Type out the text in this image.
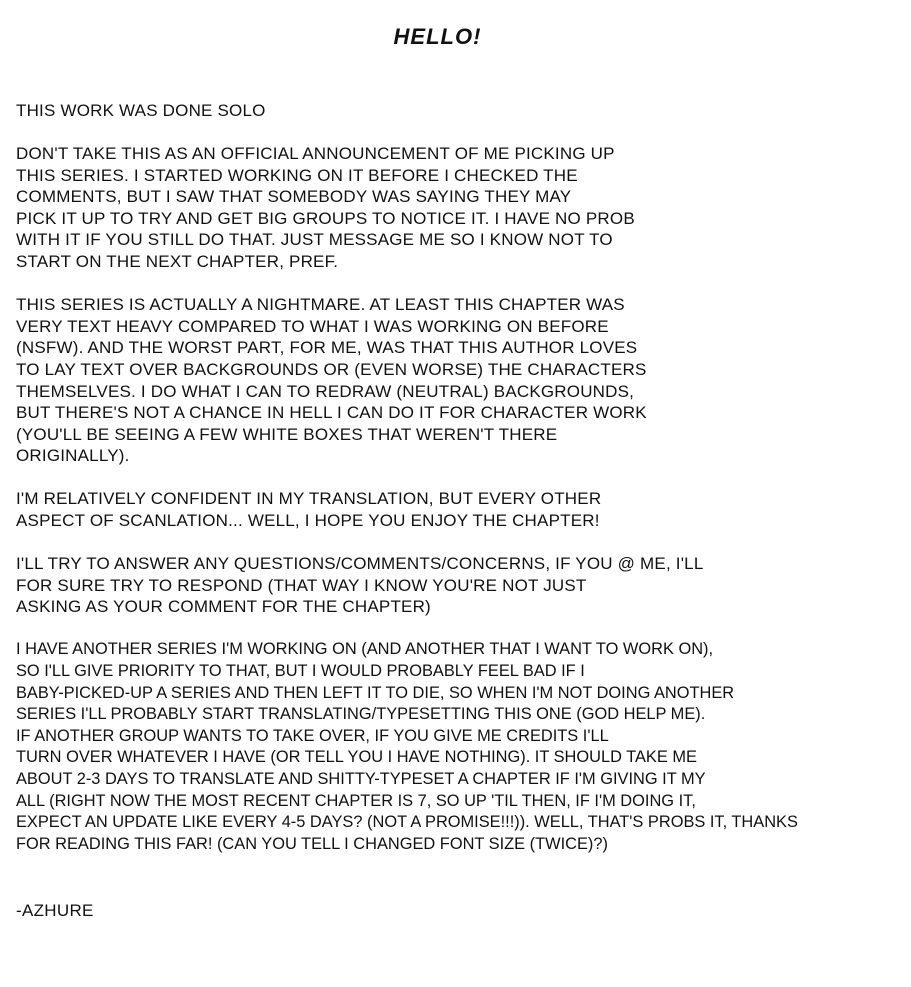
HELLO!

THIS WORK WAS DONE SOLO

DON'T TAKE THIS AS AN OFFICIAL ANNOUNCEMENT OF ME PICKING UP
THIS SERIES. I STARTED WORKING ON IT BEFORE I CHECKED THE
COMMENTS, BUT I SAW THAT SOMEBODY WAS SAYING THEY MAY
PICK IT UP TO TRY AND GET BIG GROUPS TO NOTICE IT. I HAVE NO PROB
WITH IT IF YOU STILL DO THAT. JUST MESSAGE ME SO I KNOW NOT TO
START ON THE NEXT CHAPTER, PREF.

THIS SERIES IS ACTUALLY A NIGHTMARE. AT LEAST THIS CHAPTER WAS
VERY TEXT HEAVY COMPARED TO WHAT I WAS WORKING ON BEFORE
(NSFW). AND THE WORST PART, FOR ME, WAS THAT THIS AUTHOR LOVES
TO LAY TEXT OVER BACKGROUNDS OR (EVEN WORSE) THE CHARACTERS
THEMSELVES. I DO WHAT I CAN TO REDRAW (NEUTRAL) BACKGROUNDS,
BUT THERE'S NOT A CHANCE IN HELL I CAN DO IT FOR CHARACTER WORK
(YOU'LL BE SEEING A FEW WHITE BOXES THAT WEREN'T THERE
ORIGINALLY).

I'M RELATIVELY CONFIDENT IN MY TRANSLATION, BUT EVERY OTHER
ASPECT OF SCANLATION... WELL, I HOPE YOU ENJOY THE CHAPTER!

I'LL TRY TO ANSWER ANY QUESTIONS/COMMENTS/CONCERNS, IF YOU @ ME, I'LL
FOR SURE TRY TO RESPOND (THAT WAY I KNOW YOU'RE NOT JUST
ASKING AS YOUR COMMENT FOR THE CHAPTER)

I HAVE ANOTHER SERIES I'M WORKING ON (AND ANOTHER THAT I WANT TO WORK ON),
SO I'LL GIVE PRIORITY TO THAT, BUT I WOULD PROBABLY FEEL BAD IF I
BABY-PICKED-UP A SERIES AND THEN LEFT IT TO DIE, SO WHEN I'M NOT DOING ANOTHER
SERIES I'LL PROBABLY START TRANSLATING/TYPESETTING THIS ONE (GOD HELP ME).
IF ANOTHER GROUP WANTS TO TAKE OVER, IF YOU GIVE ME CREDITS I'LL
TURN OVER WHATEVER I HAVE (OR TELL YOU I HAVE NOTHING). IT SHOULD TAKE ME
ABOUT 2-3 DAYS TO TRANSLATE AND SHITTY-TYPESET A CHAPTER IF I'M GIVING IT MY
ALL (RIGHT NOW THE MOST RECENT CHAPTER IS 7, SO UP 'TIL THEN, IF I'M DOING IT,
EXPECT AN UPDATE LIKE EVERY 4-5 DAYS? (NOT A PROMISE!!!)). WELL, THAT'S PROBS IT, THANKS
FOR READING THIS FAR! (CAN YOU TELL I CHANGED FONT SIZE (TWICE)?)

-AZHURE
